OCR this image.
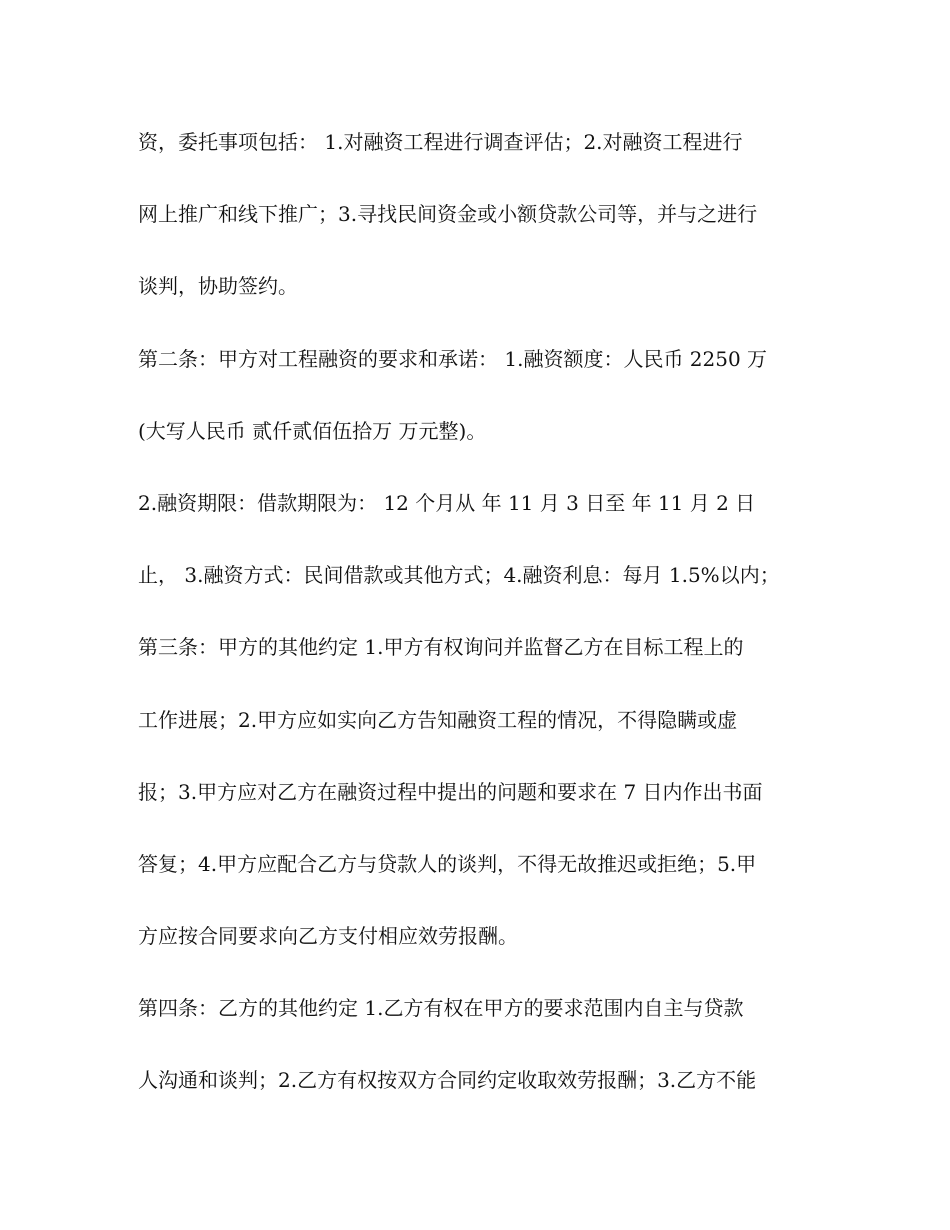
资，委托事项包括： 1.对融资工程进行调查评估；2.对融资工程进行
网上推广和线下推广；3.寻找民间资金或小额贷款公司等，并与之进行
谈判，协助签约。
第二条：甲方对工程融资的要求和承诺： 1.融资额度：人民币 2250 万
(大写人民币 贰仟贰佰伍拾万 万元整)。
2.融资期限：借款期限为： 12 个月从 年 11 月 3 日至 年 11 月 2 日
止， 3.融资方式：民间借款或其他方式；4.融资利息：每月 1.5%以内；
第三条：甲方的其他约定 1.甲方有权询问并监督乙方在目标工程上的
工作进展；2.甲方应如实向乙方告知融资工程的情况，不得隐瞒或虚
报；3.甲方应对乙方在融资过程中提出的问题和要求在 7 日内作出书面
答复；4.甲方应配合乙方与贷款人的谈判，不得无故推迟或拒绝；5.甲
方应按合同要求向乙方支付相应效劳报酬。
第四条：乙方的其他约定 1.乙方有权在甲方的要求范围内自主与贷款
人沟通和谈判；2.乙方有权按双方合同约定收取效劳报酬；3.乙方不能
